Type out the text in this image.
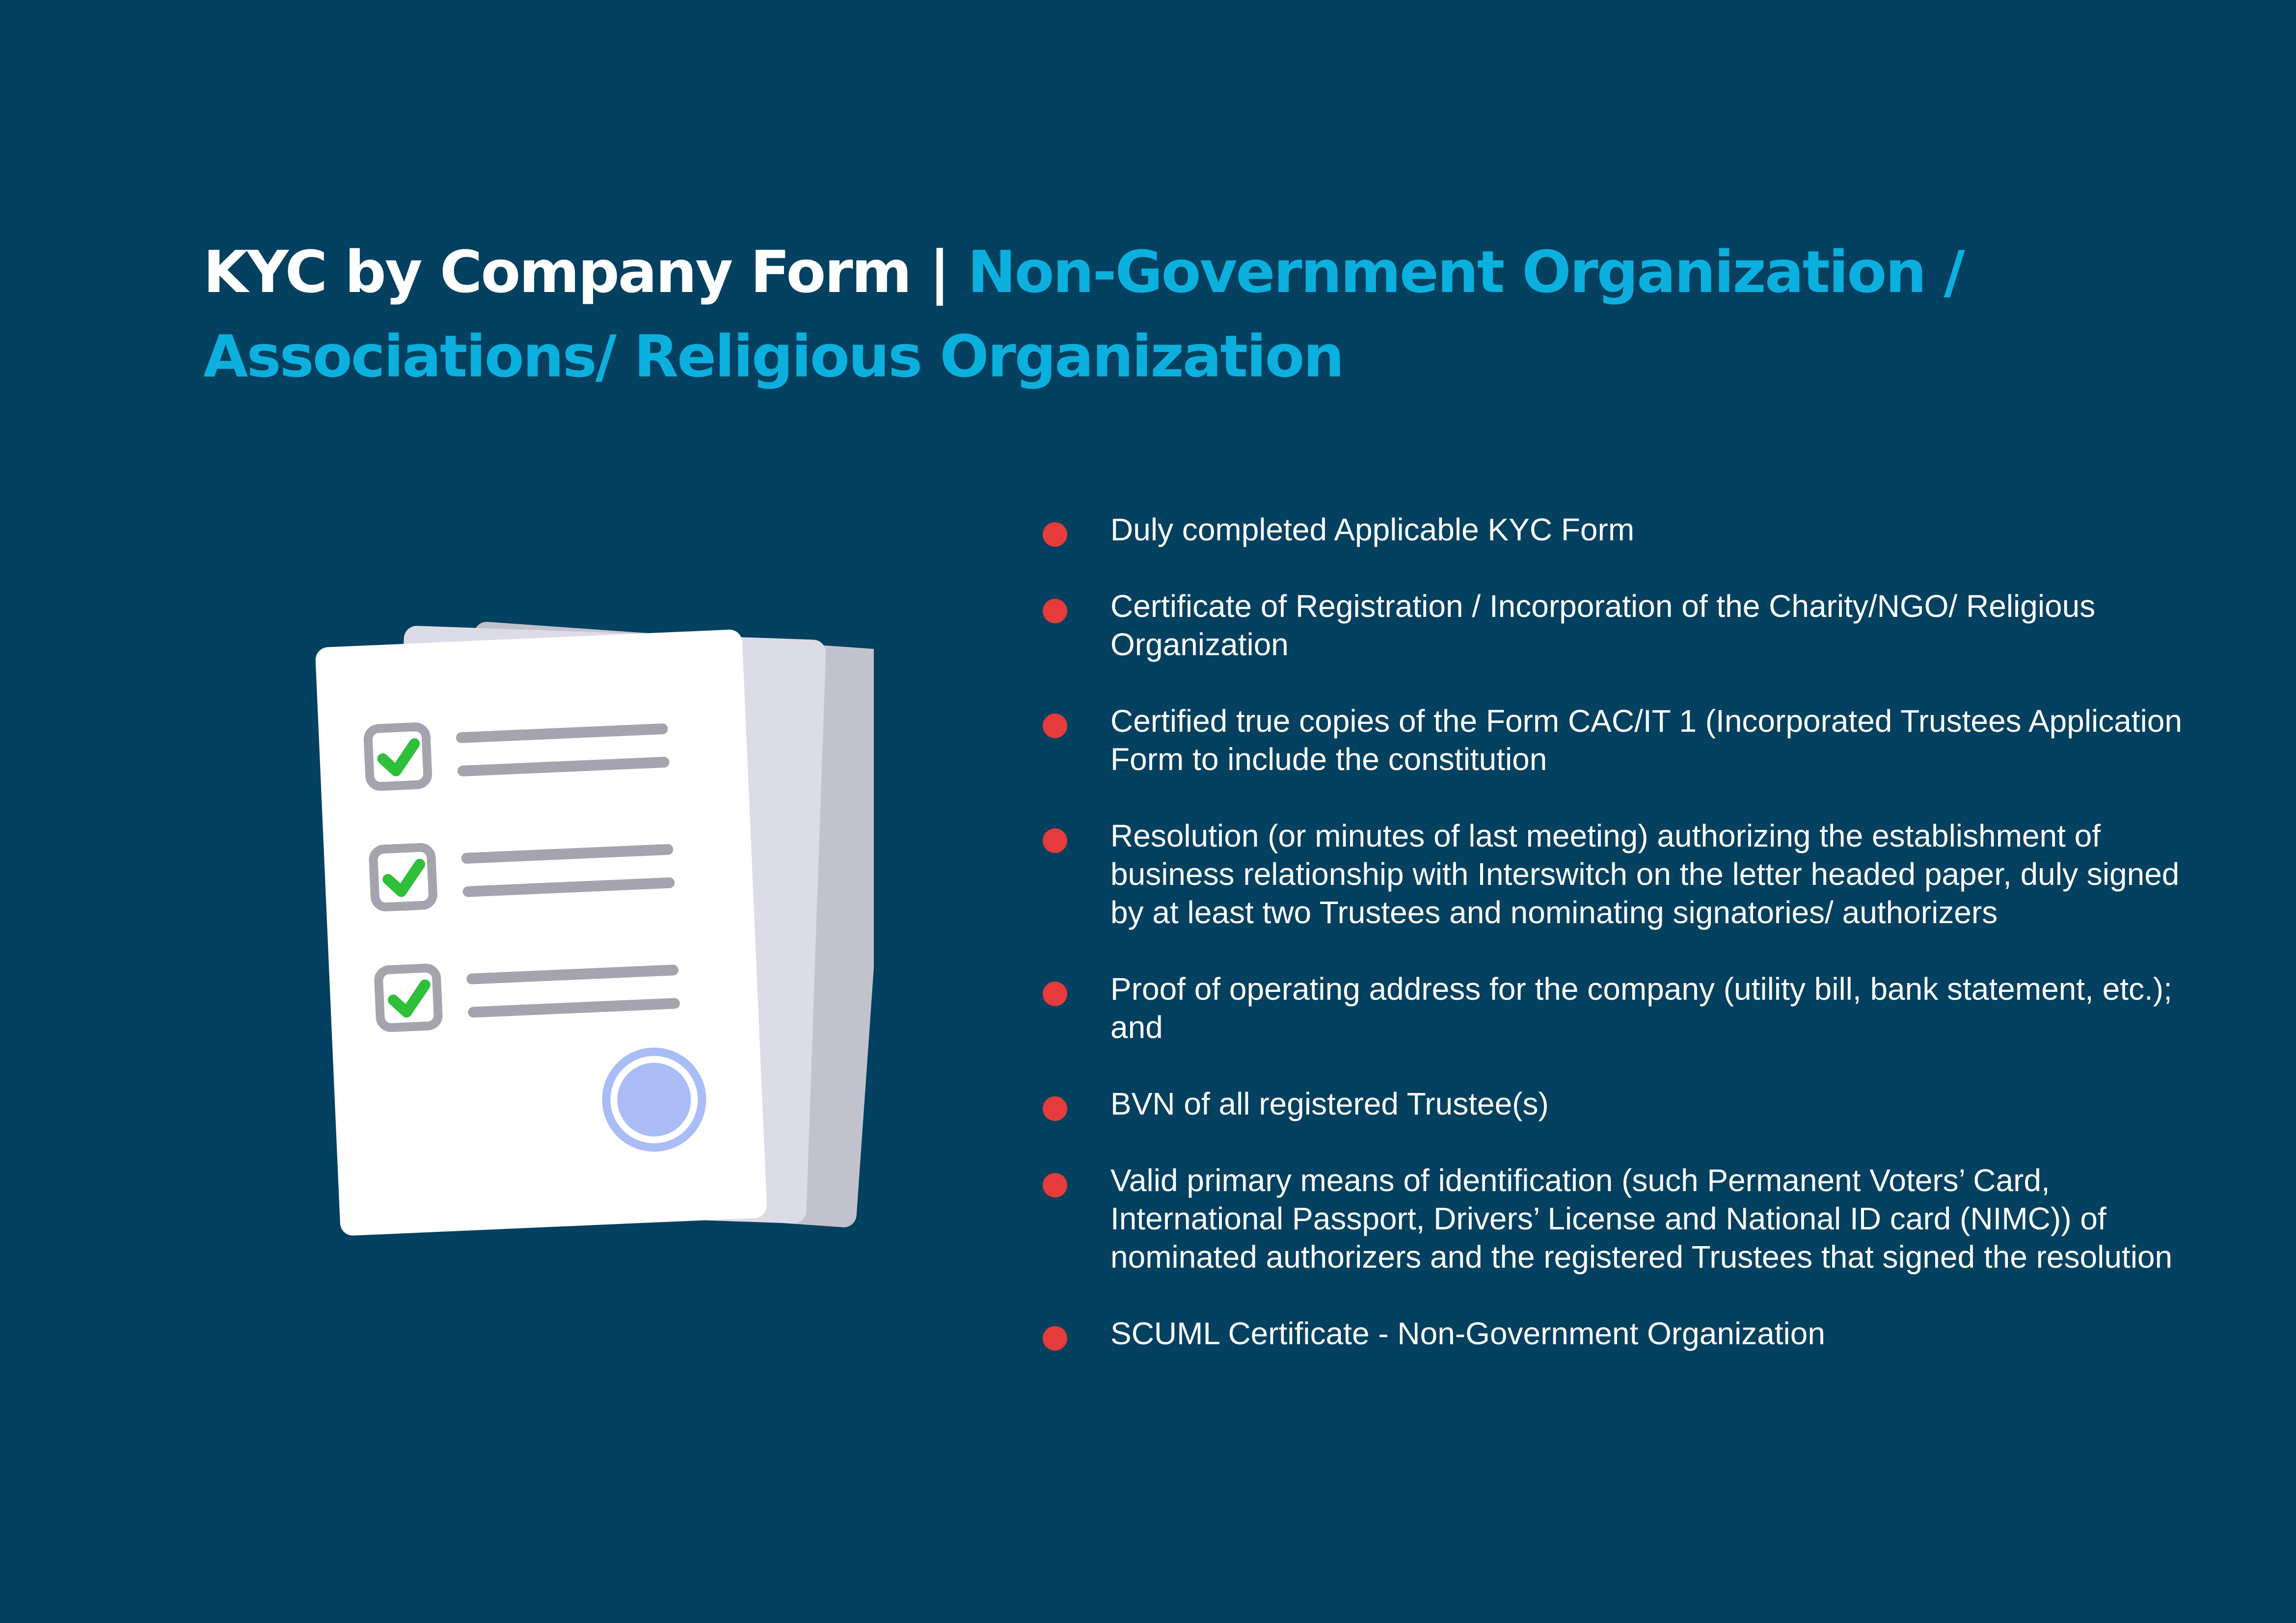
KYC by Company Form | Non-Government Organization / Associations/ Religious Organization
Duly completed Applicable KYC Form
Certificate of Registration / Incorporation of the Charity/NGO/ Religious Organization
Certified true copies of the Form CAC/IT 1 (Incorporated Trustees Application Form to include the constitution
Resolution (or minutes of last meeting) authorizing the establishment of business relationship with Interswitch on the letter headed paper, duly signed by at least two Trustees and nominating signatories/ authorizers
Proof of operating address for the company (utility bill, bank statement, etc.); and
BVN of all registered Trustee(s)
Valid primary means of identification (such Permanent Voters’ Card, International Passport, Drivers’ License and National ID card (NIMC)) of nominated authorizers and the registered Trustees that signed the resolution
SCUML Certificate - Non-Government Organization
